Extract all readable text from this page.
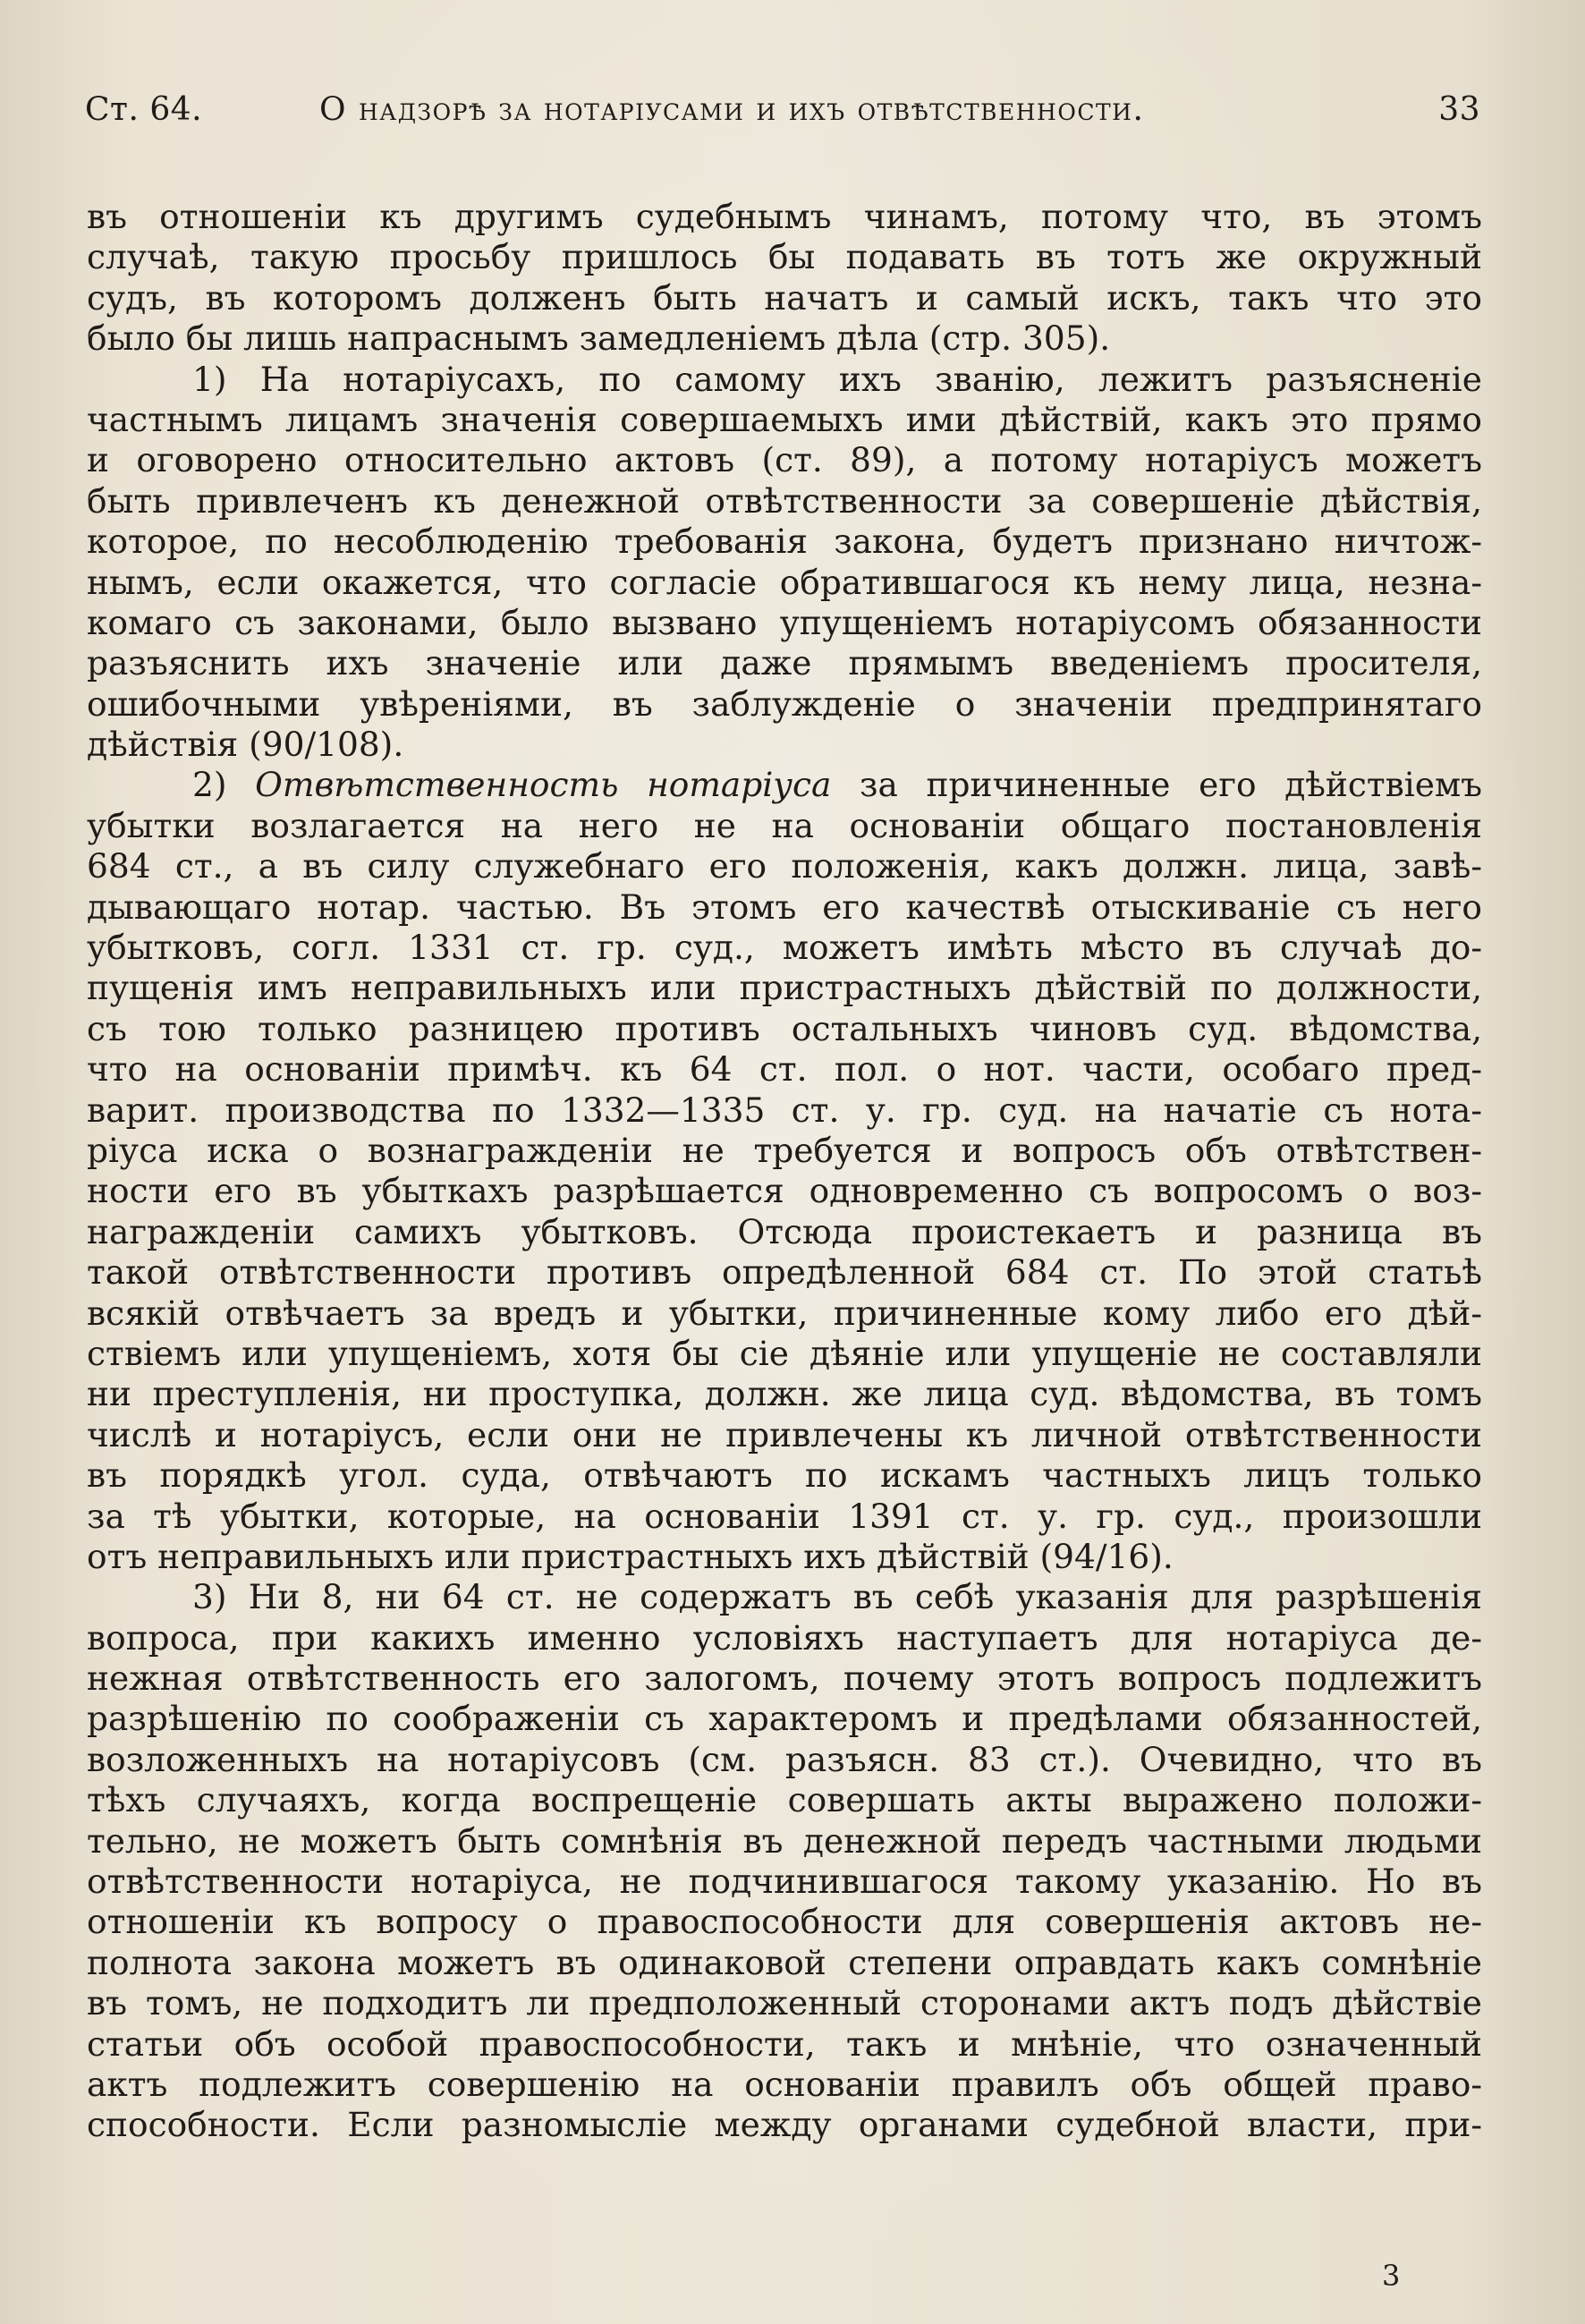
Ст. 64.	О надзорѣ за нотаріусами и ихъ отвѣтственности.	33
въ отношеніи къ другимъ судебнымъ чинамъ, потому что, въ этомъ
случаѣ, такую просьбу пришлось бы подавать въ тотъ же окружный
судъ, въ которомъ долженъ быть начатъ и самый искъ, такъ что это
было бы лишь напраснымъ замедленіемъ дѣла (стр. 305).
1) На нотаріусахъ, по самому ихъ званію, лежитъ разъясненіе
частнымъ лицамъ значенія совершаемыхъ ими дѣйствій, какъ это прямо
и оговорено относительно актовъ (ст. 89), а потому нотаріусъ можетъ
быть привлеченъ къ денежной отвѣтственности за совершеніе дѣйствія,
которое, по несоблюденію требованія закона, будетъ признано ничтож-
нымъ, если окажется, что согласіе обратившагося къ нему лица, незна-
комаго съ законами, было вызвано упущеніемъ нотаріусомъ обязанности
разъяснить ихъ значеніе или даже прямымъ введеніемъ просителя,
ошибочными увѣреніями, въ заблужденіе о значеніи предпринятаго
дѣйствія (90/108).
2) Отвѣтственность нотаріуса за причиненные его дѣйствіемъ
убытки возлагается на него не на основаніи общаго постановленія
684 ст., а въ силу служебнаго его положенія, какъ должн. лица, завѣ-
дывающаго нотар. частью. Въ этомъ его качествѣ отыскиваніе съ него
убытковъ, согл. 1331 ст. гр. суд., можетъ имѣть мѣсто въ случаѣ до-
пущенія имъ неправильныхъ или пристрастныхъ дѣйствій по должности,
съ тою только разницею противъ остальныхъ чиновъ суд. вѣдомства,
что на основаніи примѣч. къ 64 ст. пол. о нот. части, особаго пред-
варит. производства по 1332—1335 ст. у. гр. суд. на начатіе съ нота-
ріуса иска о вознагражденіи не требуется и вопросъ объ отвѣтствен-
ности его въ убыткахъ разрѣшается одновременно съ вопросомъ о воз-
награжденіи самихъ убытковъ. Отсюда проистекаетъ и разница въ
такой отвѣтственности противъ опредѣленной 684 ст. По этой статьѣ
всякій отвѣчаетъ за вредъ и убытки, причиненные кому либо его дѣй-
ствіемъ или упущеніемъ, хотя бы сіе дѣяніе или упущеніе не составляли
ни преступленія, ни проступка, должн. же лица суд. вѣдомства, въ томъ
числѣ и нотаріусъ, если они не привлечены къ личной отвѣтственности
въ порядкѣ угол. суда, отвѣчаютъ по искамъ частныхъ лицъ только
за тѣ убытки, которые, на основаніи 1391 ст. у. гр. суд., произошли
отъ неправильныхъ или пристрастныхъ ихъ дѣйствій (94/16).
3) Ни 8, ни 64 ст. не содержатъ въ себѣ указанія для разрѣшенія
вопроса, при какихъ именно условіяхъ наступаетъ для нотаріуса де-
нежная отвѣтственность его залогомъ, почему этотъ вопросъ подлежитъ
разрѣшенію по соображеніи съ характеромъ и предѣлами обязанностей,
возложенныхъ на нотаріусовъ (см. разъясн. 83 ст.). Очевидно, что въ
тѣхъ случаяхъ, когда воспрещеніе совершать акты выражено положи-
тельно, не можетъ быть сомнѣнія въ денежной передъ частными людьми
отвѣтственности нотаріуса, не подчинившагося такому указанію. Но въ
отношеніи къ вопросу о правоспособности для совершенія актовъ не-
полнота закона можетъ въ одинаковой степени оправдать какъ сомнѣніе
въ томъ, не подходитъ ли предположенный сторонами актъ подъ дѣйствіе
статьи объ особой правоспособности, такъ и мнѣніе, что означенный
актъ подлежитъ совершенію на основаніи правилъ объ общей право-
способности. Если разномысліе между органами судебной власти, при-
3
